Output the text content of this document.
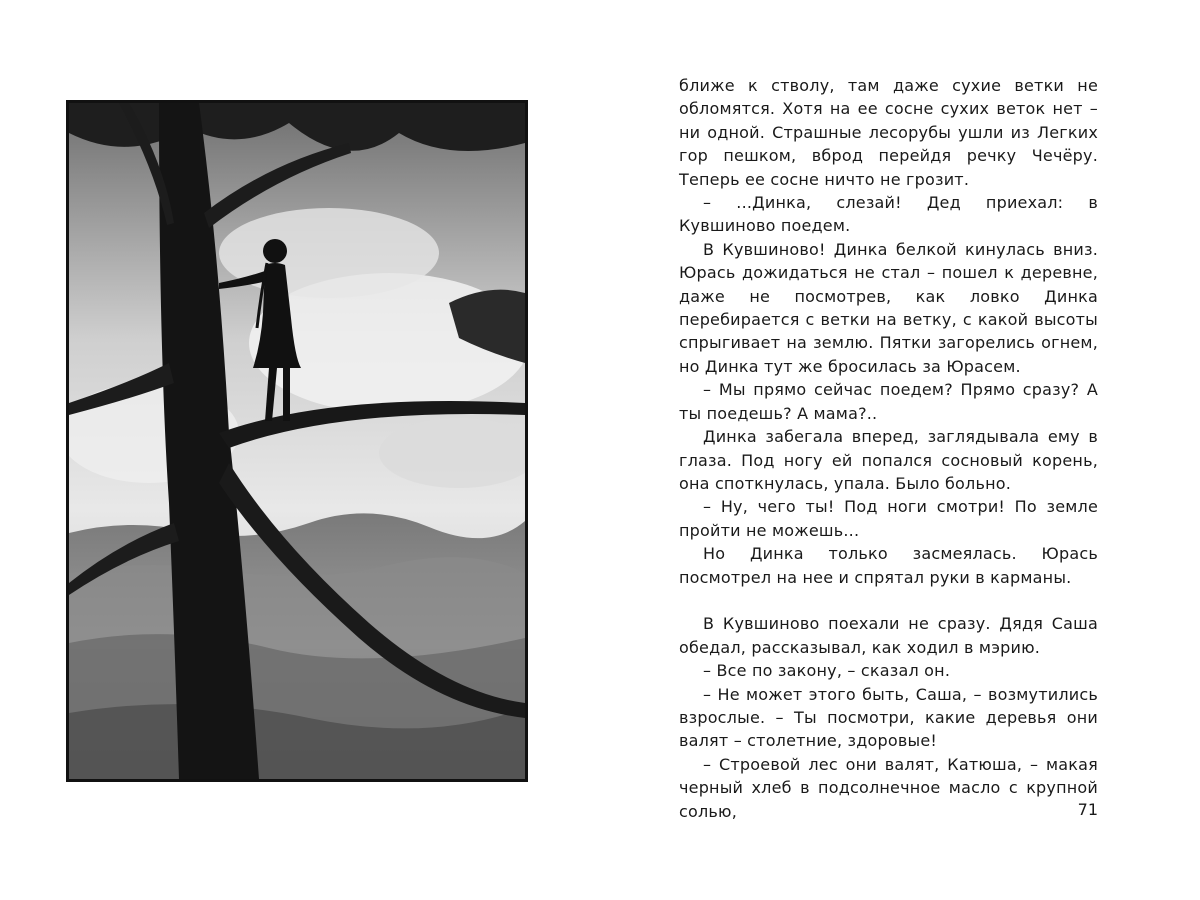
ближе к стволу, там даже сухие ветки не обломятся. Хотя на ее сосне сухих веток нет – ни одной. Страшные лесорубы ушли из Легких гор пешком, вброд перейдя речку Чечёру. Теперь ее сосне ничто не грозит.

– ...Динка, слезай! Дед приехал: в Кувшиново поедем.

В Кувшиново! Динка белкой кинулась вниз. Юрась дожидаться не стал – пошел к деревне, даже не посмотрев, как ловко Динка перебирается с ветки на ветку, с какой высоты спрыгивает на землю. Пятки загорелись огнем, но Динка тут же бросилась за Юрасем.

– Мы прямо сейчас поедем? Прямо сразу? А ты поедешь? А мама?..

Динка забегала вперед, заглядывала ему в глаза. Под ногу ей попался сосновый корень, она споткнулась, упала. Было больно.

– Ну, чего ты! Под ноги смотри! По земле пройти не можешь...

Но Динка только засмеялась. Юрась посмотрел на нее и спрятал руки в карманы.

В Кувшиново поехали не сразу. Дядя Саша обедал, рассказывал, как ходил в мэрию.

– Все по закону, – сказал он.

– Не может этого быть, Саша, – возмутились взрослые. – Ты посмотри, какие деревья они валят – столетние, здоровые!

– Строевой лес они валят, Катюша, – макая черный хлеб в подсолнечное масло с крупной солью,	71
